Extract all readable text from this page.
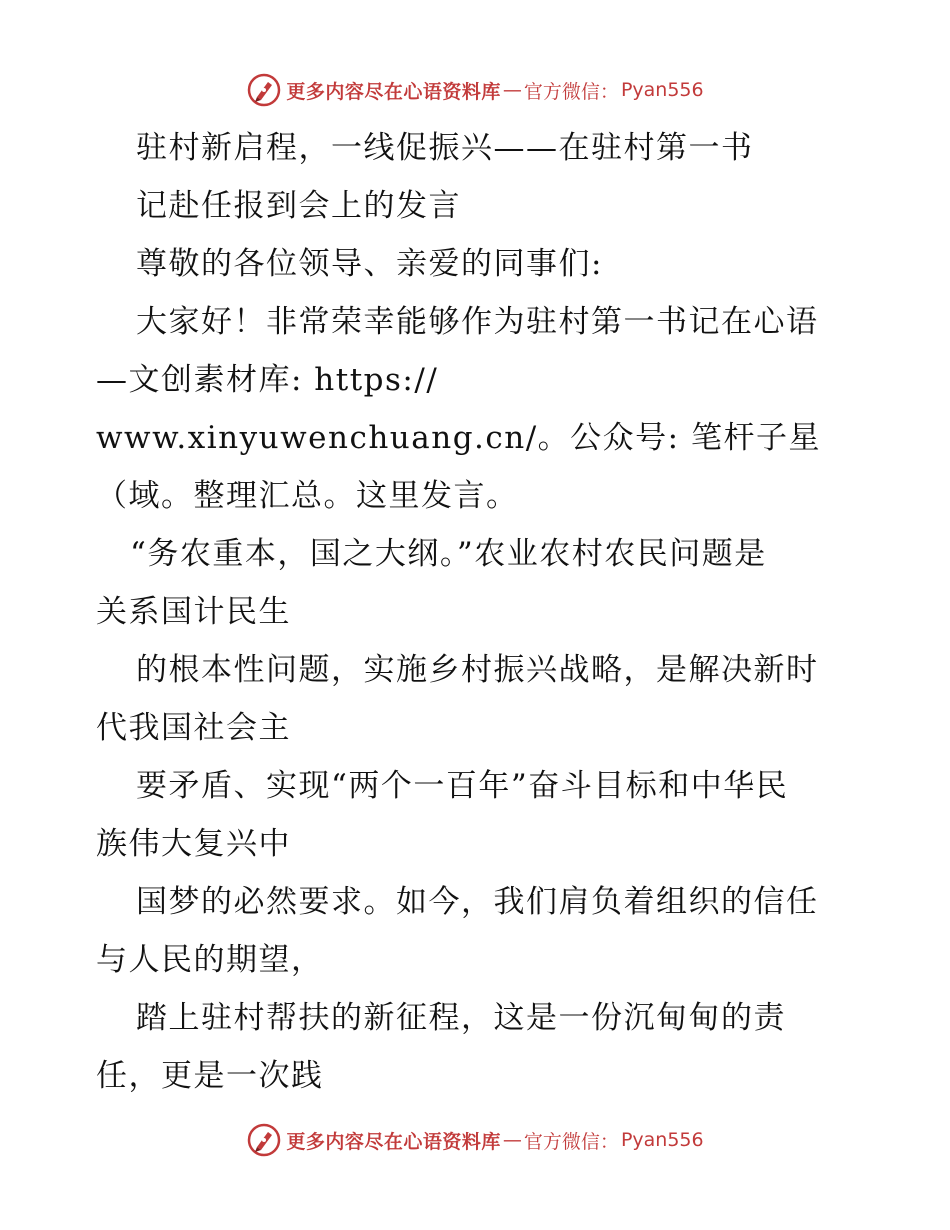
更多内容尽在心语资料库 — 官方微信： Pyan556
驻村新启程，一线促振兴——在驻村第一书
记赴任报到会上的发言
尊敬的各位领导、亲爱的同事们:
大家好！非常荣幸能够作为驻村第一书记在心语
—文创素材库: https://
www.xinyuwenchuang.cn/。公众号: 笔杆子星
（域。整理汇总。这里发言。
“务农重本，国之大纲。”农业农村农民问题是
关系国计民生
的根本性问题，实施乡村振兴战略，是解决新时
代我国社会主
要矛盾、实现“两个一百年”奋斗目标和中华民
族伟大复兴中
国梦的必然要求。如今，我们肩负着组织的信任
与人民的期望，
踏上驻村帮扶的新征程，这是一份沉甸甸的责
任，更是一次践
更多内容尽在心语资料库 — 官方微信： Pyan556
